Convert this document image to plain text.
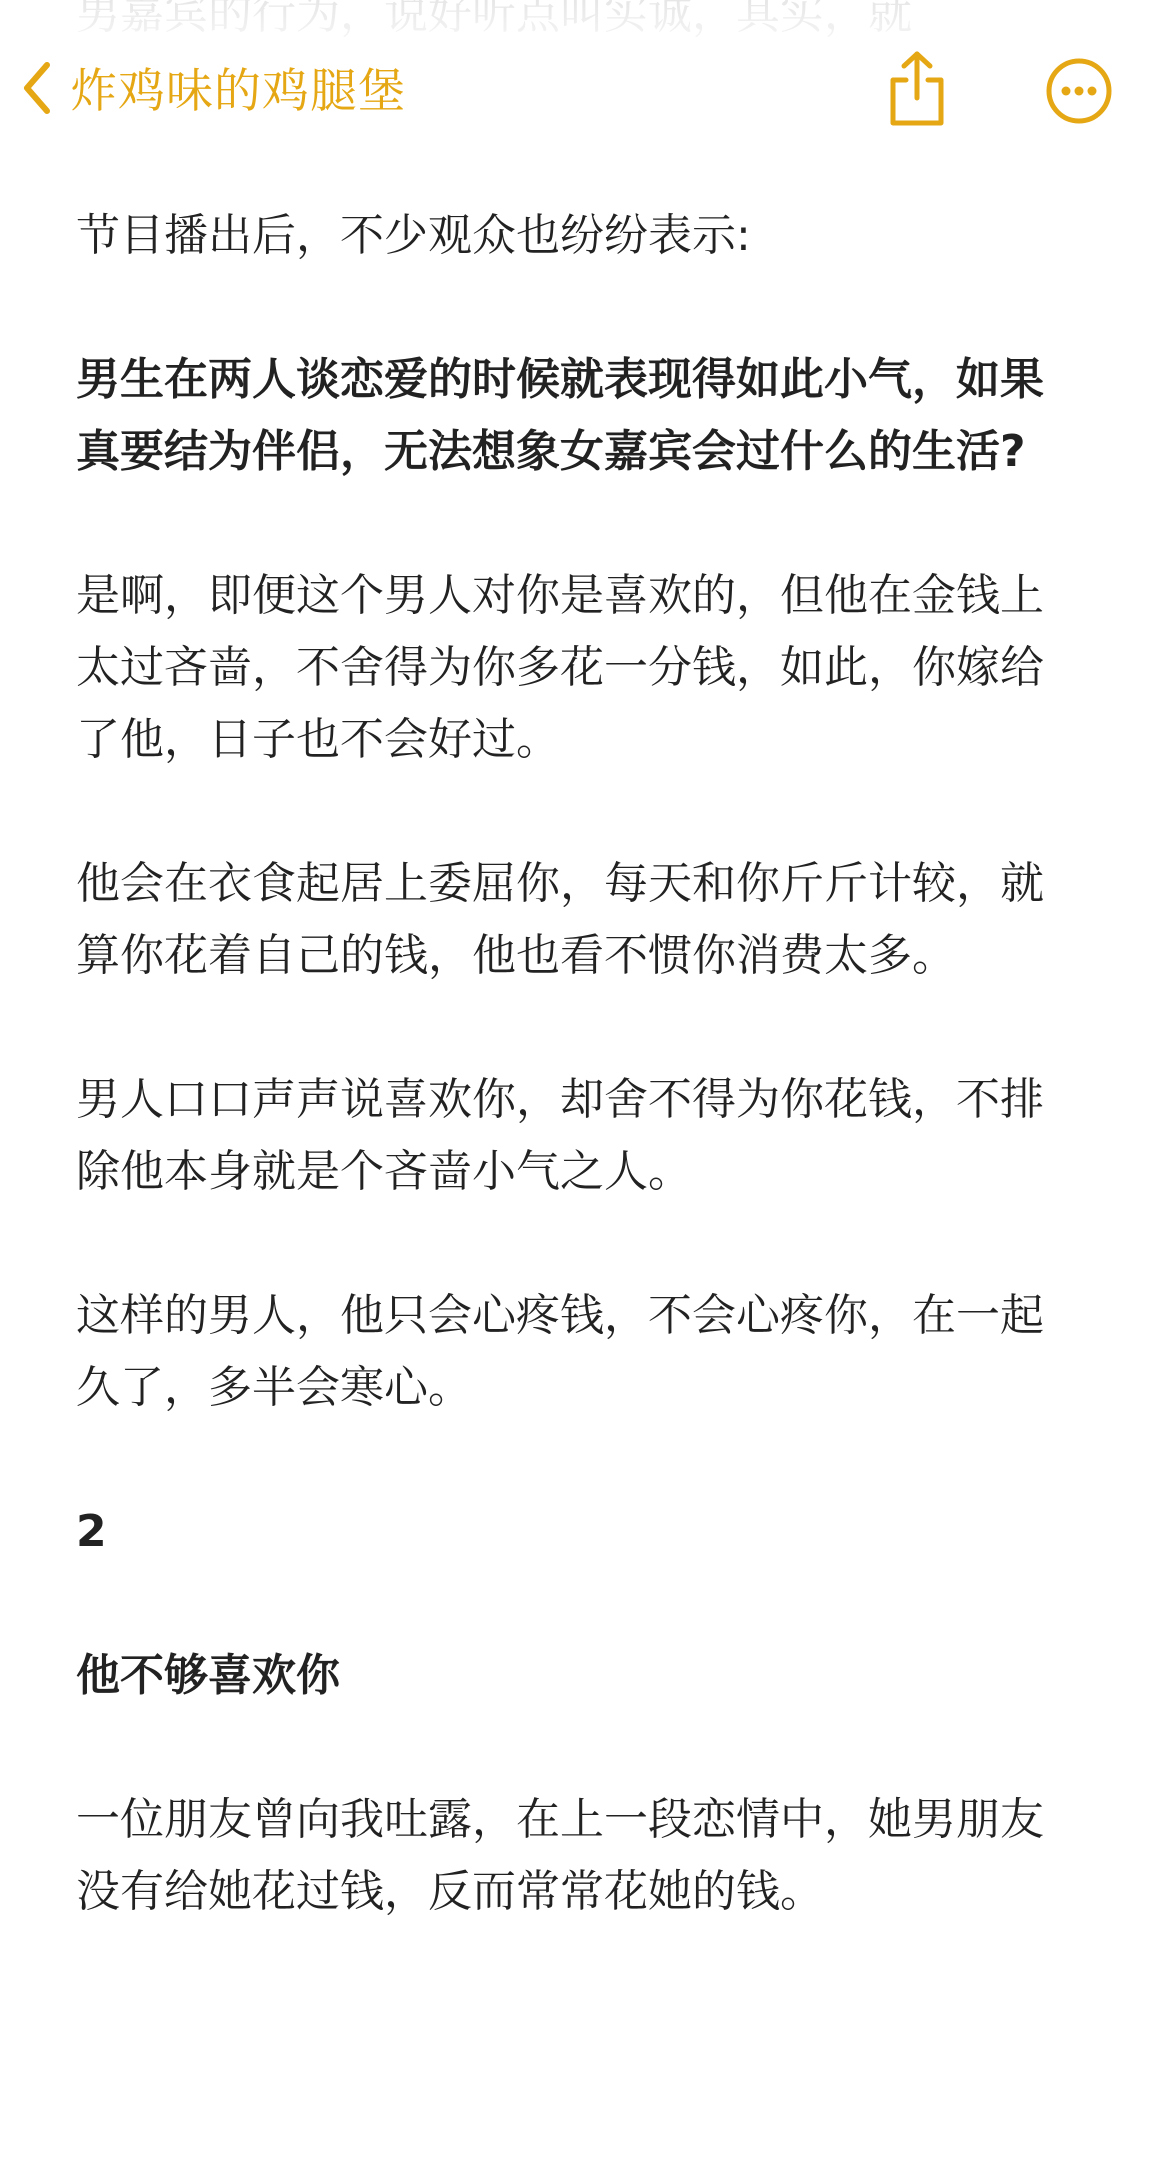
炸鸡味的鸡腿堡

节目播出后，不少观众也纷纷表示:

男生在两人谈恋爱的时候就表现得如此小气，如果真要结为伴侣，无法想象女嘉宾会过什么的生活?

是啊，即便这个男人对你是喜欢的，但他在金钱上太过吝啬，不舍得为你多花一分钱，如此，你嫁给了他，日子也不会好过。

他会在衣食起居上委屈你，每天和你斤斤计较，就算你花着自己的钱，他也看不惯你消费太多。

男人口口声声说喜欢你，却舍不得为你花钱，不排除他本身就是个吝啬小气之人。

这样的男人，他只会心疼钱，不会心疼你，在一起久了，多半会寒心。

2

他不够喜欢你

一位朋友曾向我吐露，在上一段恋情中，她男朋友没有给她花过钱，反而常常花她的钱。
